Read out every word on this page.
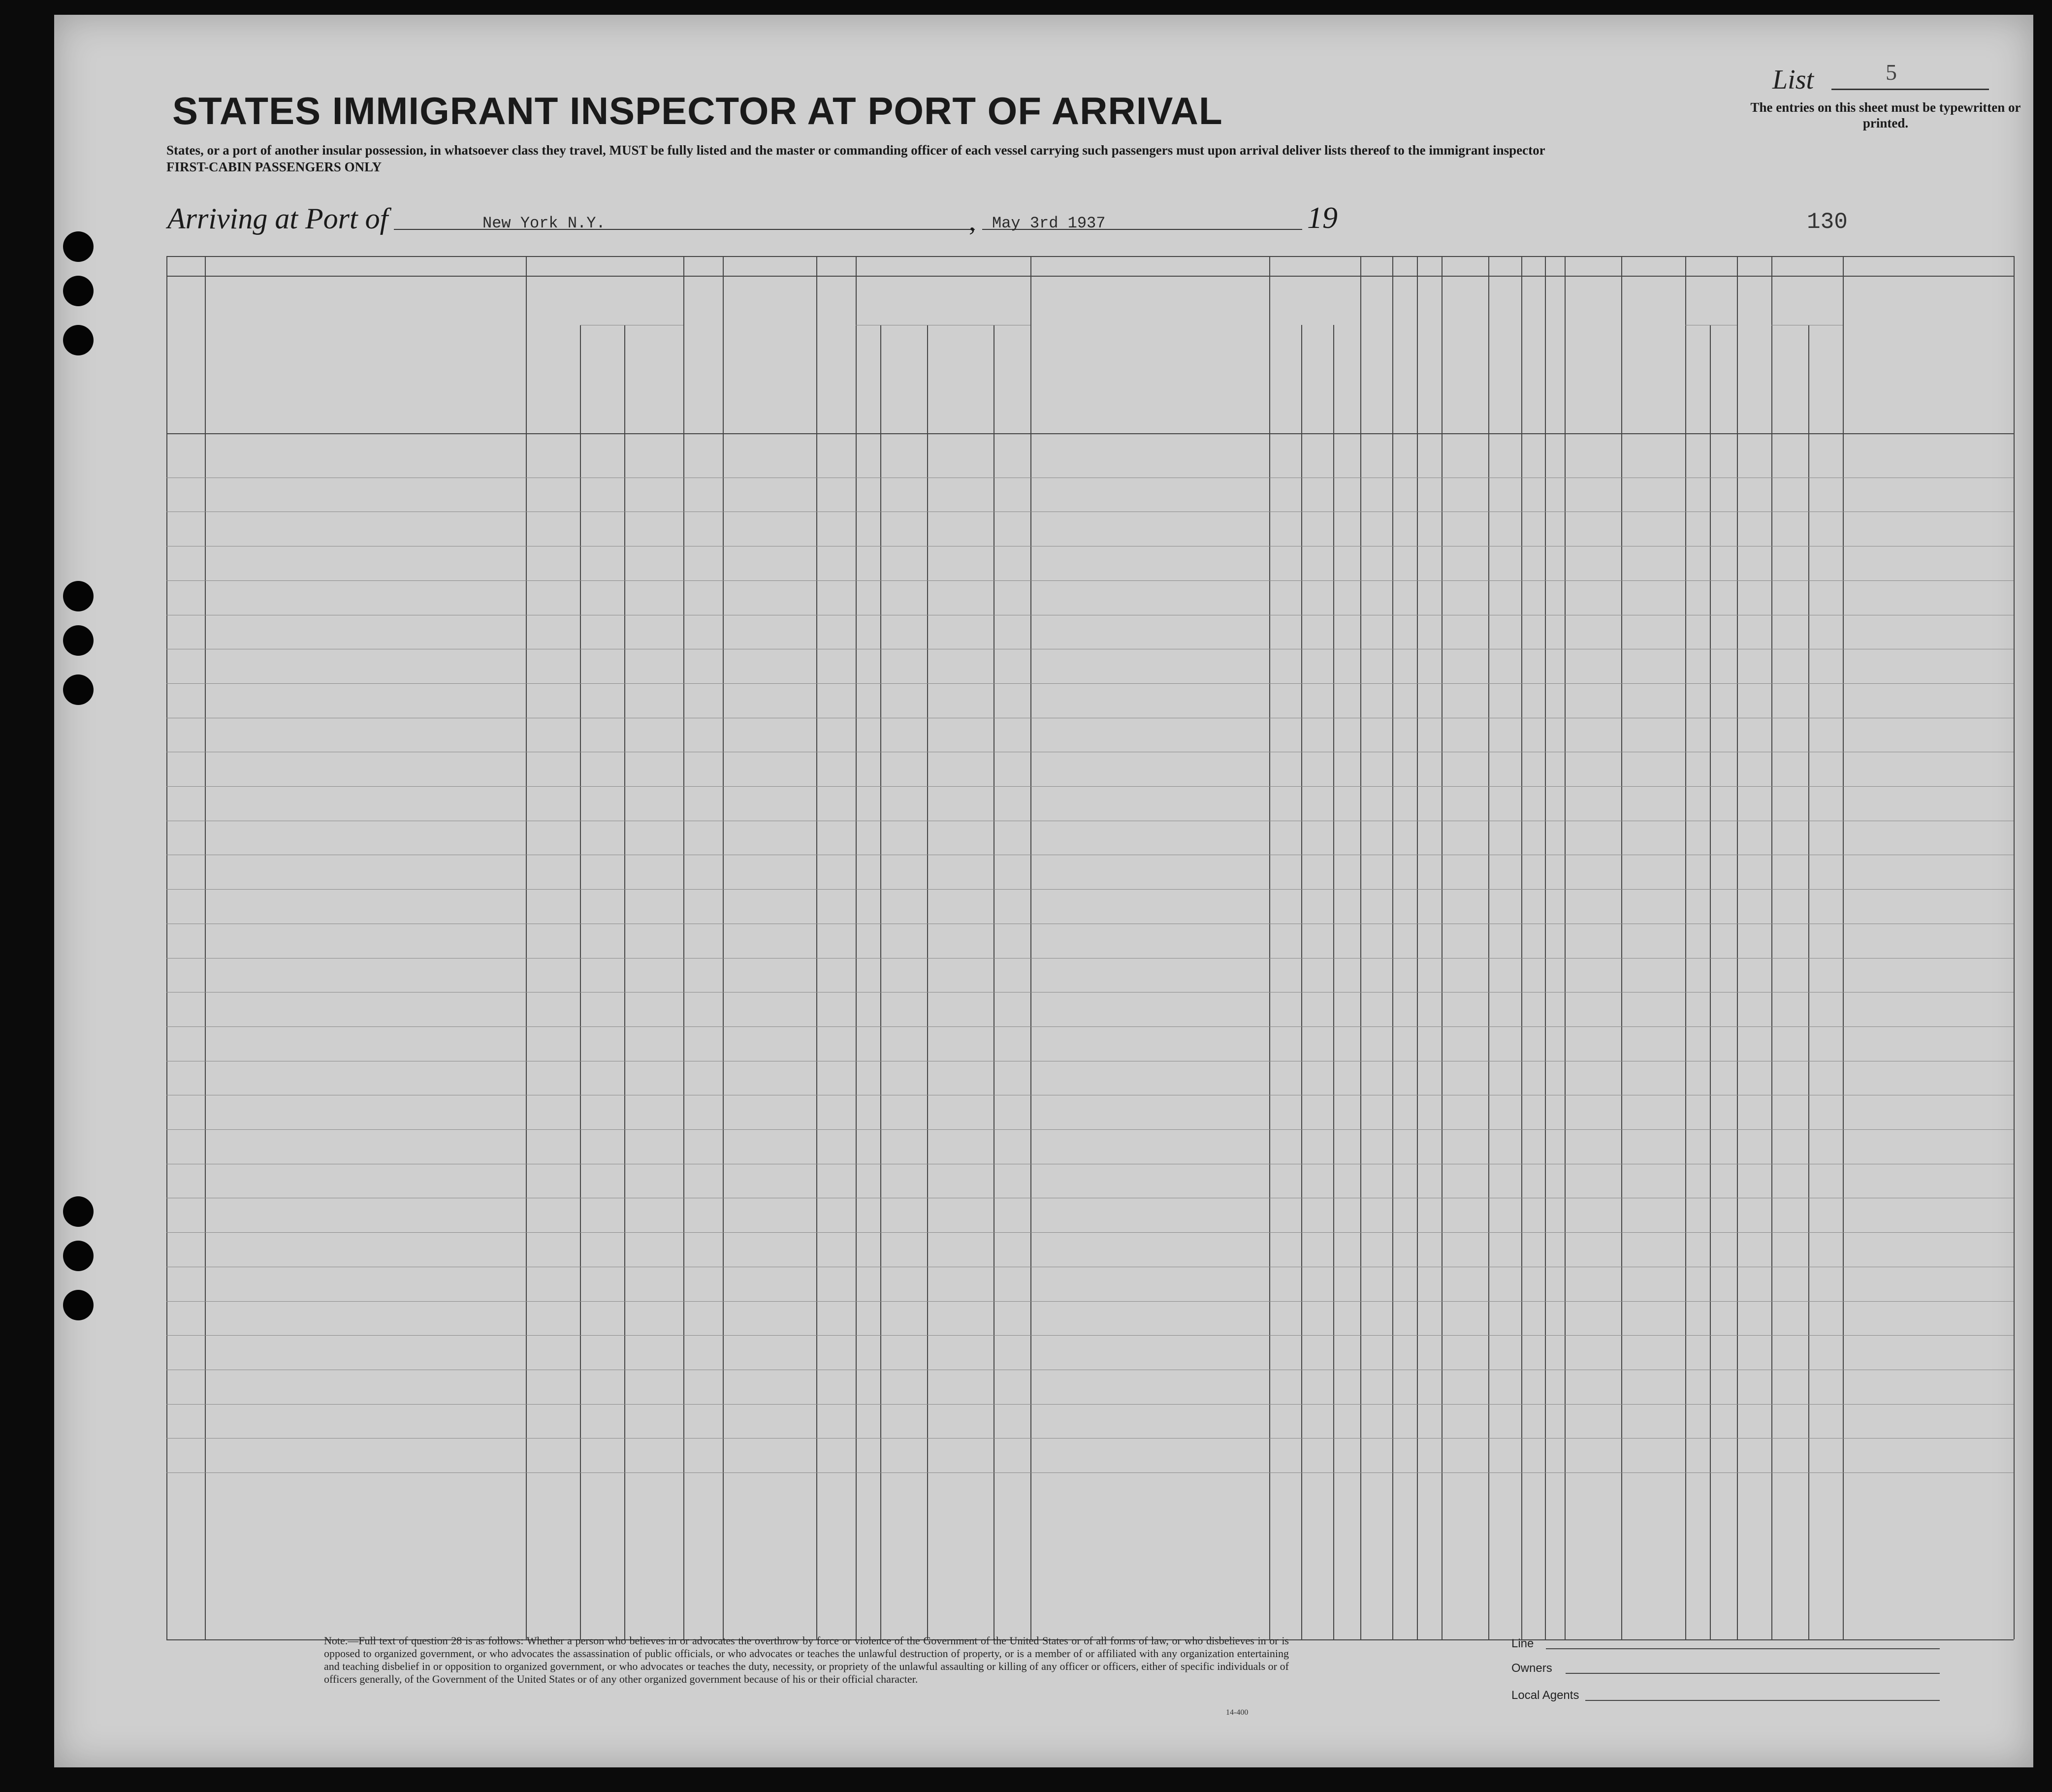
STATES IMMIGRANT INSPECTOR AT PORT OF ARRIVAL
States, or a port of another insular possession, in whatsoever class they travel, MUST be fully listed and the master or commanding officer of each vessel carrying such passengers must upon arrival deliver lists thereof to the immigrant inspector
FIRST-CABIN PASSENGERS ONLY
List	5
The entries on this sheet must be typewritten or printed.
Arriving at Port of	New York N.Y.	, May 3rd 1937	19	130
Note.—Full text of question 28 is as follows: Whether a person who believes in or advocates the overthrow by force or violence of the Government of the United States or of all forms of law, or who disbelieves in or is opposed to organized government, or who advocates the assassination of public officials, or who advocates or teaches the unlawful destruction of property, or is a member of or affiliated with any organization entertaining and teaching disbelief in or opposition to organized government, or who advocates or teaches the duty, necessity, or propriety of the unlawful assaulting or killing of any officer or officers, either of specific individuals or of officers generally, of the Government of the United States or of any other organized government because of his or their official character.
14-400
Line
Owners
Local Agents
